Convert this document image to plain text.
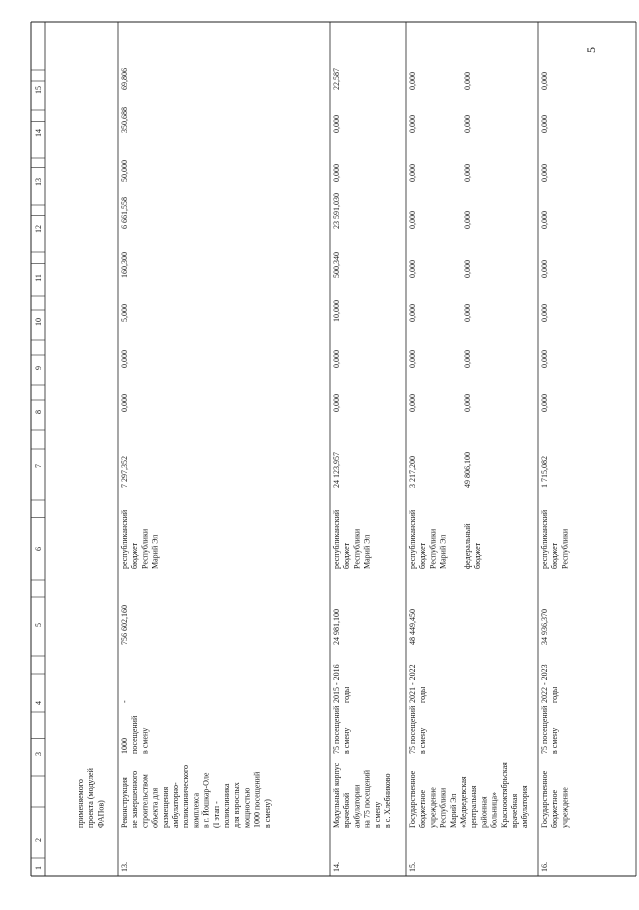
5
1
2
3
4
5
6
7
8
9
10
11
12
13
14
15
применяемого проекта (модулей ФАПов)
13.
Реконструкция не завершенного строительством объекта для размещения амбулаторно- поликлинического комплекса в г. Йошкар-Оле (I этап - поликлиника для взрослых мощностью 1000 посещений в смену)
1000 посещений в смену
-
756 602,160
республиканский бюджет Республики Марий Эл
7 297,352
0,000
0,000
5,000
160,300
6 661,558
50,000
350,688
69,806
14.
Модульный корпус врачебной амбулатории на 75 посещений в смену в с. Хлебниково
75 посещений в смену
2015 - 2016 годы
24 981,100
республиканский бюджет Республики Марий Эл
24 123,957
0,000
0,000
10,000
500,340
23 591,030
0,000
0,000
22,587
15.
Государственное бюджетное учреждение Республики Марий Эл «Медведевская центральная районная больница» Краснооктябрьская врачебная амбулатория
75 посещений в смену
2021 - 2022 годы
48 449,450
республиканский бюджет Республики Марий Эл
3 217,200
0,000
0,000
0,000
0,000
0,000
0,000
0,000
0,000
федеральный бюджет
49 806,100
0,000
0,000
0,000
0,000
0,000
0,000
0,000
0,000
16.
Государственное бюджетное учреждение
75 посещений в смену
2022 - 2023 годы
34 936,370
республиканский бюджет Республики
1 715,082
0,000
0,000
0,000
0,000
0,000
0,000
0,000
0,000
